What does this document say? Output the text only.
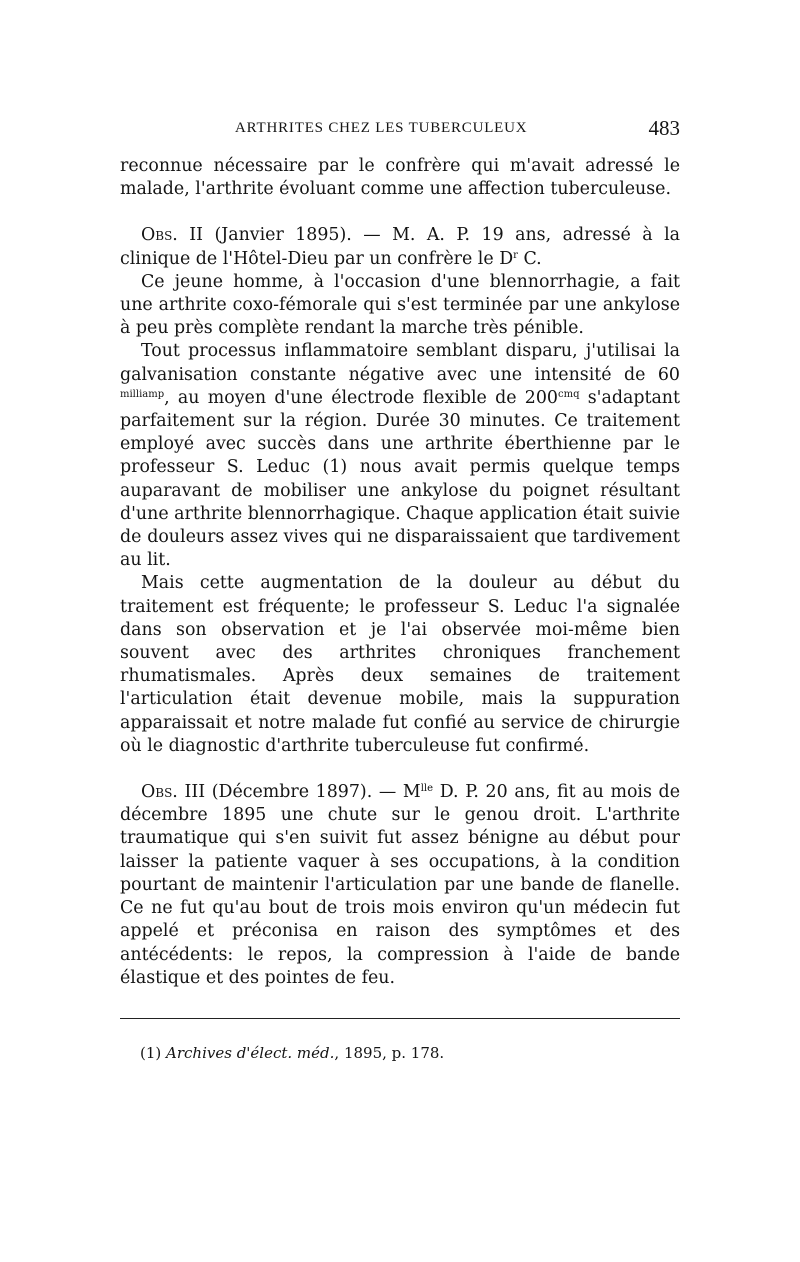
ARTHRITES CHEZ LES TUBERCULEUX	483

reconnue nécessaire par le confrère qui m'avait adressé le malade, l'arthrite évoluant comme une affection tuberculeuse.

Obs. II (Janvier 1895). — M. A. P. 19 ans, adressé à la clinique de l'Hôtel-Dieu par un confrère le $D^r$ C.

Ce jeune homme, à l'occasion d'une blennorrhagie, a fait une arthrite coxo-fémorale qui s'est terminée par une ankylose à peu près complète rendant la marche très pénible.

Tout processus inflammatoire semblant disparu, j'utilisai la galvanisation constante négative avec une intensité de 60 $^{milliamp}$, au moyen d'une électrode flexible de $200^{cmq}$ s'adaptant parfaitement sur la région. Durée 30 minutes. Ce traitement employé avec succès dans une arthrite éberthienne par le professeur S. Leduc (1) nous avait permis quelque temps auparavant de mobiliser une ankylose du poignet résultant d'une arthrite blennorrhagique. Chaque application était suivie de douleurs assez vives qui ne disparaissaient que tardivement au lit.

Mais cette augmentation de la douleur au début du traitement est fréquente; le professeur S. Leduc l'a signalée dans son observation et je l'ai observée moi-même bien souvent avec des arthrites chroniques franchement rhumatismales. Après deux semaines de traitement l'articulation était devenue mobile, mais la suppuration apparaissait et notre malade fut confié au service de chirurgie où le diagnostic d'arthrite tuberculeuse fut confirmé.

Obs. III (Décembre 1897). — $M^{lle}$ D. P. 20 ans, fit au mois de décembre 1895 une chute sur le genou droit. L'arthrite traumatique qui s'en suivit fut assez bénigne au début pour laisser la patiente vaquer à ses occupations, à la condition pourtant de maintenir l'articulation par une bande de flanelle. Ce ne fut qu'au bout de trois mois environ qu'un médecin fut appelé et préconisa en raison des symptômes et des antécédents: le repos, la compression à l'aide de bande élastique et des pointes de feu.

(1) Archives d'élect. méd., 1895, p. 178.
